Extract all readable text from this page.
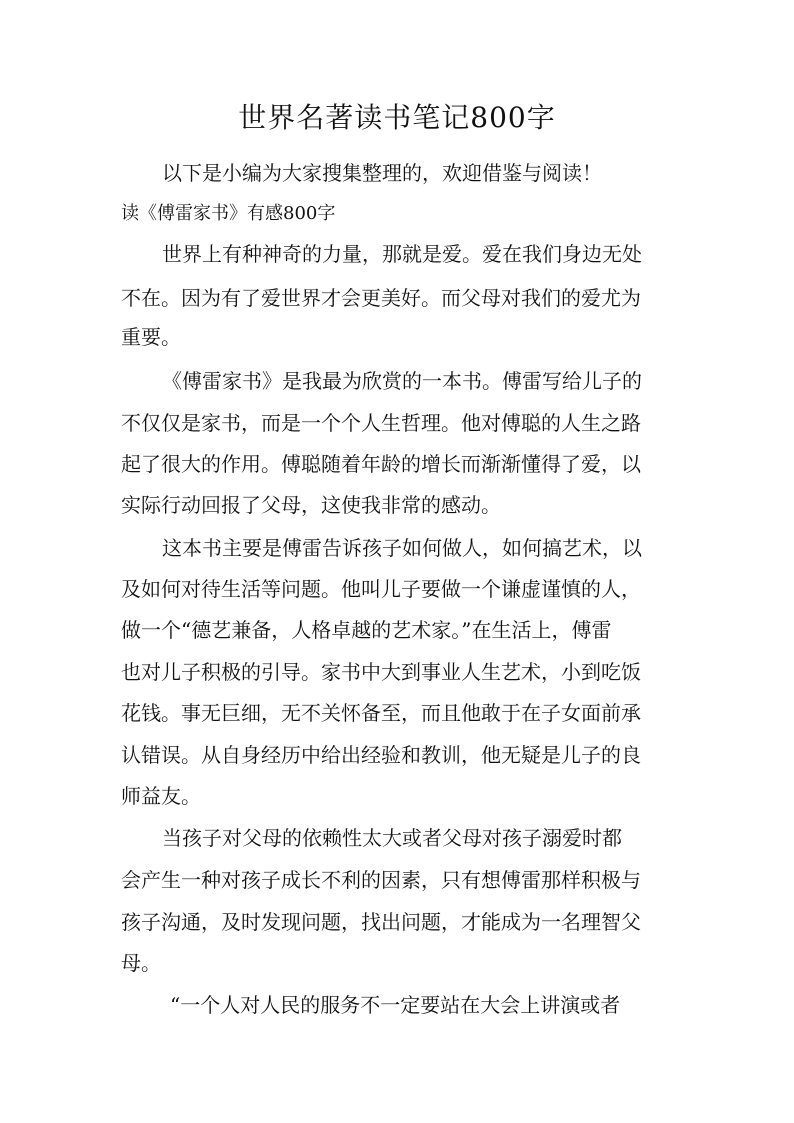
世界名著读书笔记800字

以下是小编为大家搜集整理的，欢迎借鉴与阅读！

读《傅雷家书》有感800字

世界上有种神奇的力量，那就是爱。爱在我们身边无处

不在。因为有了爱世界才会更美好。而父母对我们的爱尤为

重要。

《傅雷家书》是我最为欣赏的一本书。傅雷写给儿子的

不仅仅是家书，而是一个个人生哲理。他对傅聪的人生之路

起了很大的作用。傅聪随着年龄的增长而渐渐懂得了爱，以

实际行动回报了父母，这使我非常的感动。

这本书主要是傅雷告诉孩子如何做人，如何搞艺术，以

及如何对待生活等问题。他叫儿子要做一个谦虚谨慎的人，

做一个“德艺兼备，人格卓越的艺术家。”在生活上，傅雷

也对儿子积极的引导。家书中大到事业人生艺术，小到吃饭

花钱。事无巨细，无不关怀备至，而且他敢于在子女面前承

认错误。从自身经历中给出经验和教训，他无疑是儿子的良

师益友。

当孩子对父母的依赖性太大或者父母对孩子溺爱时都

会产生一种对孩子成长不利的因素，只有想傅雷那样积极与

孩子沟通，及时发现问题，找出问题，才能成为一名理智父

母。

“一个人对人民的服务不一定要站在大会上讲演或者
